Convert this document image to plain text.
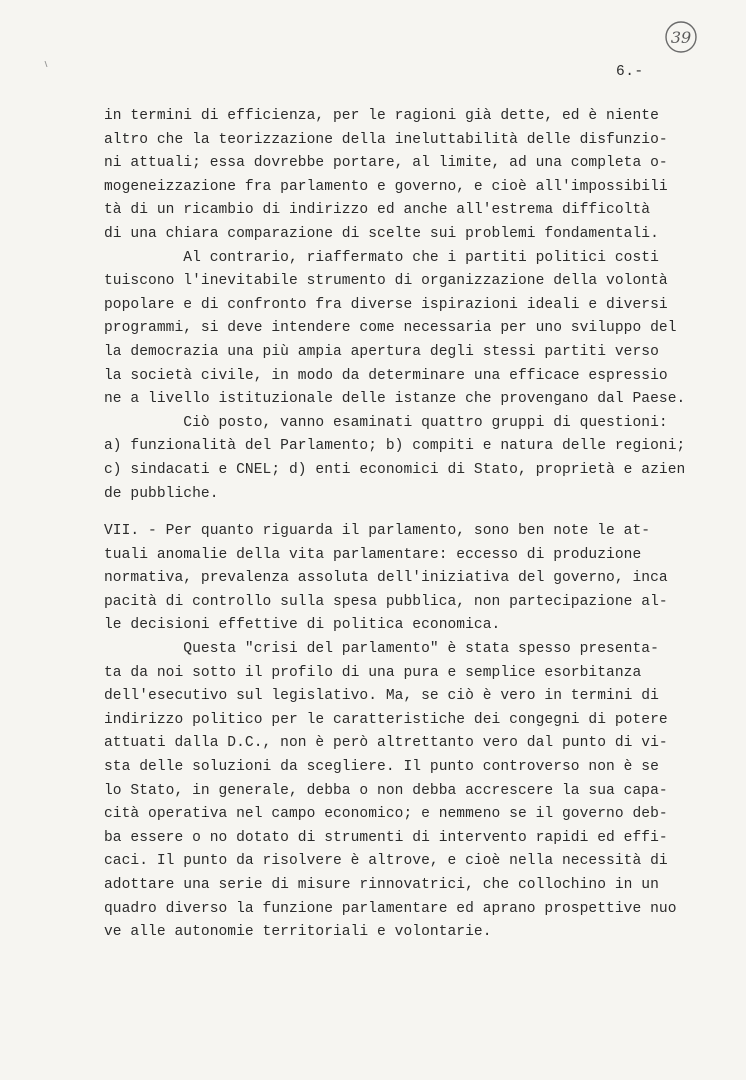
39
6.-
in termini di efficienza, per le ragioni già dette, ed è niente
altro che la teorizzazione della ineluttabilità delle disfunzio-
ni attuali; essa dovrebbe portare, al limite, ad una completa o-
mogeneizzazione fra parlamento e governo, e cioè all'impossibili
tà di un ricambio di indirizzo ed anche all'estrema difficoltà
di una chiara comparazione di scelte sui problemi fondamentali.
Al contrario, riaffermato che i partiti politici costi
tuiscono l'inevitabile strumento di organizzazione della volontà
popolare e di confronto fra diverse ispirazioni ideali e diversi
programmi, si deve intendere come necessaria per uno sviluppo del
la democrazia una più ampia apertura degli stessi partiti verso
la società civile, in modo da determinare una efficace espressio
ne a livello istituzionale delle istanze che provengano dal Paese.
Ciò posto, vanno esaminati quattro gruppi di questioni:
a) funzionalità del Parlamento; b) compiti e natura delle regioni;
c) sindacati e CNEL; d) enti economici di Stato, proprietà e azien
de pubbliche.
VII. - Per quanto riguarda il parlamento, sono ben note le at-
tuali anomalie della vita parlamentare: eccesso di produzione
normativa, prevalenza assoluta dell'iniziativa del governo, inca
pacità di controllo sulla spesa pubblica, non partecipazione al-
le decisioni effettive di politica economica.
Questa "crisi del parlamento" è stata spesso presenta-
ta da noi sotto il profilo di una pura e semplice esorbitanza
dell'esecutivo sul legislativo. Ma, se ciò è vero in termini di
indirizzo politico per le caratteristiche dei congegni di potere
attuati dalla D.C., non è però altrettanto vero dal punto di vi-
sta delle soluzioni da scegliere. Il punto controverso non è se
lo Stato, in generale, debba o non debba accrescere la sua capa-
cità operativa nel campo economico; e nemmeno se il governo deb-
ba essere o no dotato di strumenti di intervento rapidi ed effi-
caci. Il punto da risolvere è altrove, e cioè nella necessità di
adottare una serie di misure rinnovatrici, che collochino in un
quadro diverso la funzione parlamentare ed aprano prospettive nuo
ve alle autonomie territoriali e volontarie.
